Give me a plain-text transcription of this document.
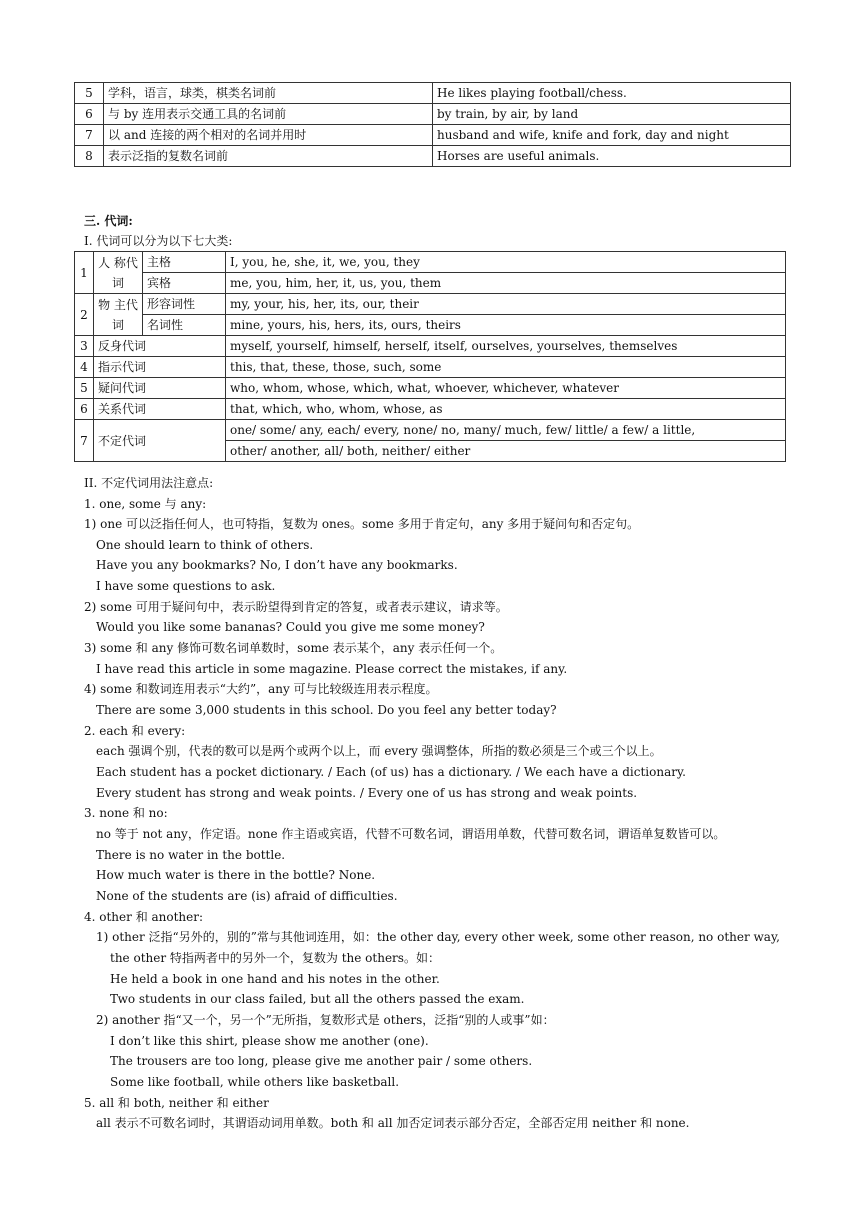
5	学科，语言，球类，棋类名词前	He likes playing football/chess.
6	与 by 连用表示交通工具的名词前	by train, by air, by land
7	以 and 连接的两个相对的名词并用时	husband and wife, knife and fork, day and night
8	表示泛指的复数名词前	Horses are useful animals.
三. 代词:
I. 代词可以分为以下七大类:
1	人 称代词	主格	I, you, he, she, it, we, you, they
		宾格	me, you, him, her, it, us, you, them
2	物 主代词	形容词性	my, your, his, her, its, our, their
		名词性	mine, yours, his, hers, its, ours, theirs
3	反身代词		myself, yourself, himself, herself, itself, ourselves, yourselves, themselves
4	指示代词		this, that, these, those, such, some
5	疑问代词		who, whom, whose, which, what, whoever, whichever, whatever
6	关系代词		that, which, who, whom, whose, as
7	不定代词		one/ some/ any, each/ every, none/ no, many/ much, few/ little/ a few/ a little,
			other/ another, all/ both, neither/ either
II. 不定代词用法注意点:
1. one, some 与 any:
1) one 可以泛指任何人，也可特指，复数为 ones。some 多用于肯定句，any 多用于疑问句和否定句。
One should learn to think of others.
Have you any bookmarks? No, I don’t have any bookmarks.
I have some questions to ask.
2) some 可用于疑问句中，表示盼望得到肯定的答复，或者表示建议，请求等。
Would you like some bananas? Could you give me some money?
3) some 和 any 修饰可数名词单数时，some 表示某个，any 表示任何一个。
I have read this article in some magazine. Please correct the mistakes, if any.
4) some 和数词连用表示“大约”，any 可与比较级连用表示程度。
There are some 3,000 students in this school. Do you feel any better today?
2. each 和 every:
each 强调个别，代表的数可以是两个或两个以上，而 every 强调整体，所指的数必须是三个或三个以上。
Each student has a pocket dictionary. / Each (of us) has a dictionary. / We each have a dictionary.
Every student has strong and weak points. / Every one of us has strong and weak points.
3. none 和 no:
no 等于 not any，作定语。none 作主语或宾语，代替不可数名词，谓语用单数，代替可数名词，谓语单复数皆可以。
There is no water in the bottle.
How much water is there in the bottle? None.
None of the students are (is) afraid of difficulties.
4. other 和 another:
1) other 泛指“另外的，别的”常与其他词连用，如：the other day, every other week, some other reason, no other way,
the other 特指两者中的另外一个，复数为 the others。如：
He held a book in one hand and his notes in the other.
Two students in our class failed, but all the others passed the exam.
2) another 指“又一个，另一个”无所指，复数形式是 others，泛指“别的人或事”如：
I don’t like this shirt, please show me another (one).
The trousers are too long, please give me another pair / some others.
Some like football, while others like basketball.
5. all 和 both, neither 和 either
all 表示不可数名词时，其谓语动词用单数。both 和 all 加否定词表示部分否定，全部否定用 neither 和 none.
